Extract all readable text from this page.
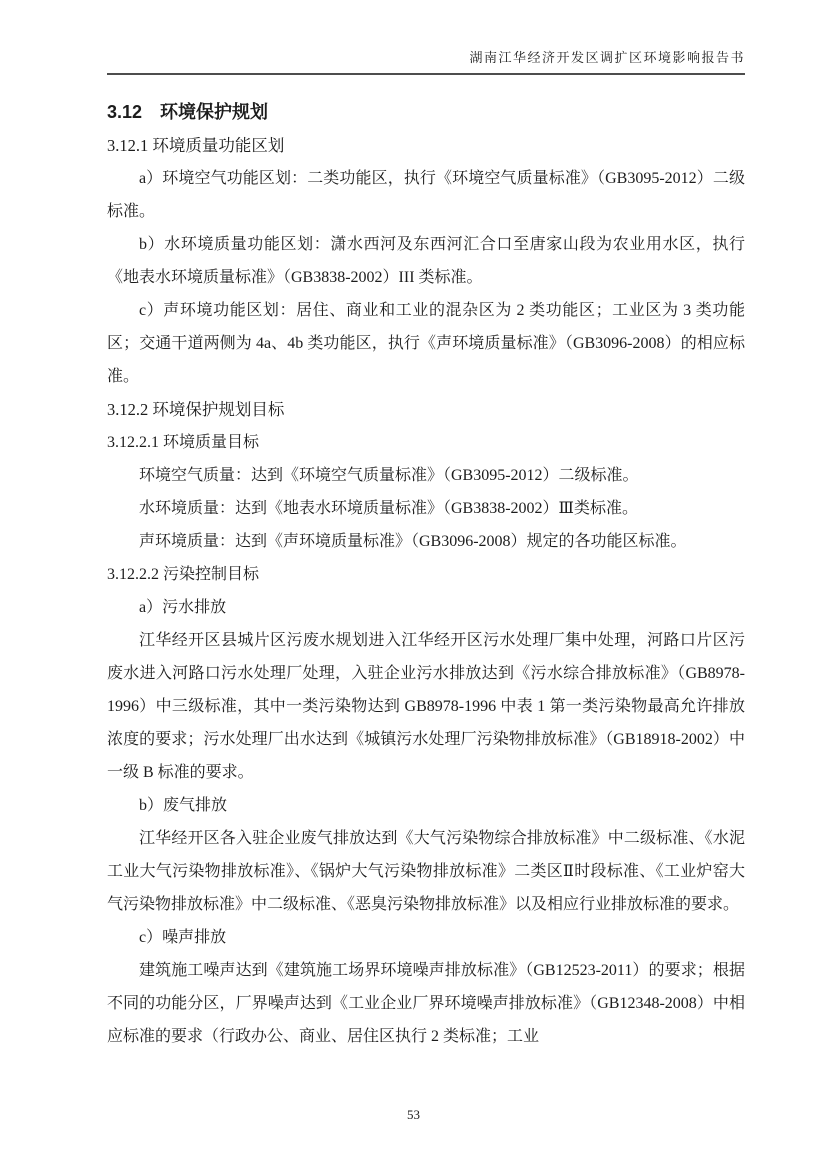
湖南江华经济开发区调扩区环境影响报告书

3.12　环境保护规划

3.12.1 环境质量功能区划

a）环境空气功能区划：二类功能区，执行《环境空气质量标准》（GB3095-2012）二级标准。

b）水环境质量功能区划：潇水西河及东西河汇合口至唐家山段为农业用水区，执行《地表水环境质量标准》（GB3838-2002）III 类标准。

c）声环境功能区划：居住、商业和工业的混杂区为 2 类功能区；工业区为 3 类功能区；交通干道两侧为 4a、4b 类功能区，执行《声环境质量标准》（GB3096-2008）的相应标准。

3.12.2 环境保护规划目标

3.12.2.1 环境质量目标

环境空气质量：达到《环境空气质量标准》（GB3095-2012）二级标准。

水环境质量：达到《地表水环境质量标准》（GB3838-2002）Ⅲ类标准。

声环境质量：达到《声环境质量标准》（GB3096-2008）规定的各功能区标准。

3.12.2.2 污染控制目标

a）污水排放

江华经开区县城片区污废水规划进入江华经开区污水处理厂集中处理，河路口片区污废水进入河路口污水处理厂处理，入驻企业污水排放达到《污水综合排放标准》（GB8978-1996）中三级标准，其中一类污染物达到 GB8978-1996 中表 1 第一类污染物最高允许排放浓度的要求；污水处理厂出水达到《城镇污水处理厂污染物排放标准》（GB18918-2002）中一级 B 标准的要求。

b）废气排放

江华经开区各入驻企业废气排放达到《大气污染物综合排放标准》中二级标准、《水泥工业大气污染物排放标准》、《锅炉大气污染物排放标准》二类区Ⅱ时段标准、《工业炉窑大气污染物排放标准》中二级标准、《恶臭污染物排放标准》以及相应行业排放标准的要求。

c）噪声排放

建筑施工噪声达到《建筑施工场界环境噪声排放标准》（GB12523-2011）的要求；根据不同的功能分区，厂界噪声达到《工业企业厂界环境噪声排放标准》（GB12348-2008）中相应标准的要求（行政办公、商业、居住区执行 2 类标准；工业

53
